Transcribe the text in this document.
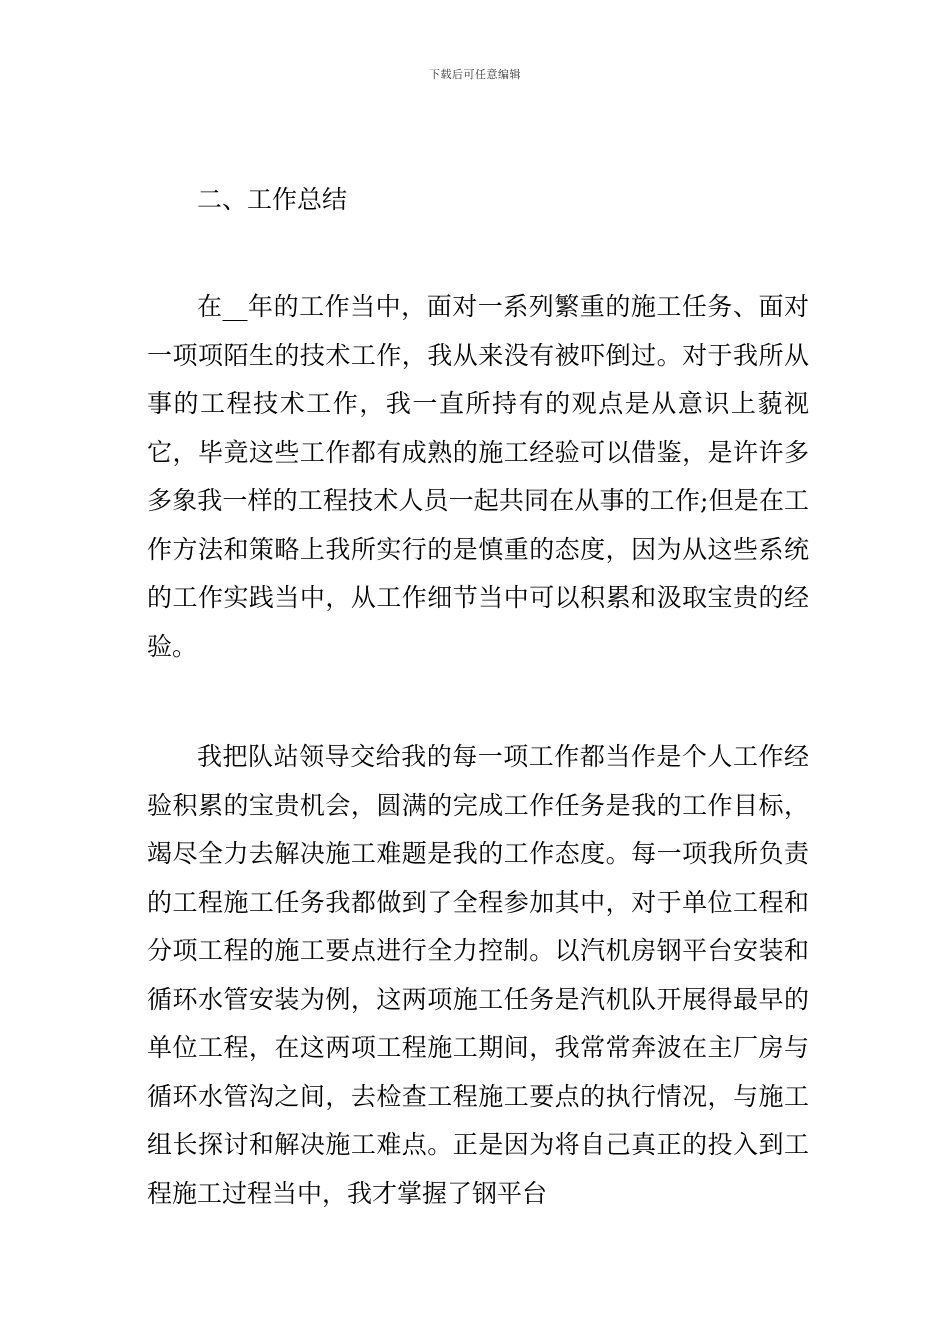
下载后可任意编辑
二、工作总结

在__年的工作当中，面对一系列繁重的施工任务、面对一项项陌生的技术工作，我从来没有被吓倒过。对于我所从事的工程技术工作，我一直所持有的观点是从意识上藐视它，毕竟这些工作都有成熟的施工经验可以借鉴，是许许多多象我一样的工程技术人员一起共同在从事的工作;但是在工作方法和策略上我所实行的是慎重的态度，因为从这些系统的工作实践当中，从工作细节当中可以积累和汲取宝贵的经验。

我把队站领导交给我的每一项工作都当作是个人工作经验积累的宝贵机会，圆满的完成工作任务是我的工作目标，竭尽全力去解决施工难题是我的工作态度。每一项我所负责的工程施工任务我都做到了全程参加其中，对于单位工程和分项工程的施工要点进行全力控制。以汽机房钢平台安装和循环水管安装为例，这两项施工任务是汽机队开展得最早的单位工程，在这两项工程施工期间，我常常奔波在主厂房与循环水管沟之间，去检查工程施工要点的执行情况，与施工组长探讨和解决施工难点。正是因为将自己真正的投入到工程施工过程当中，我才掌握了钢平台
